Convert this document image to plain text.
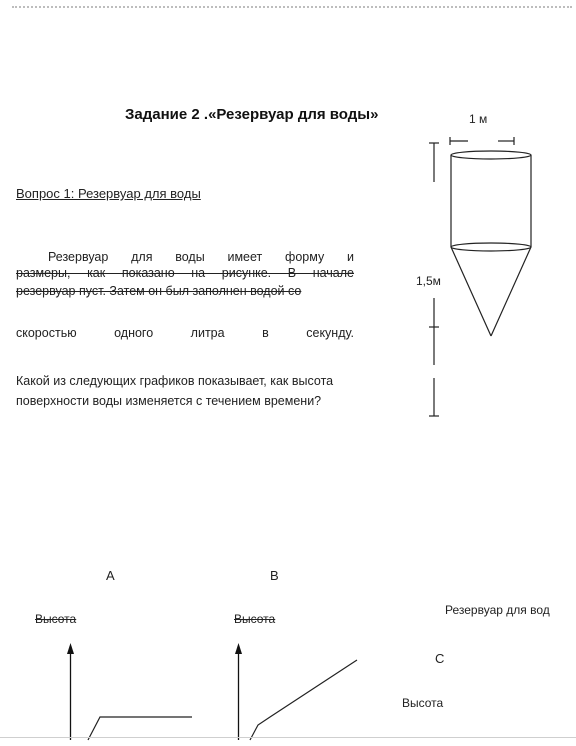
Задание 2 .«Резервуар для воды»
Вопрос 1: Резервуар для воды
Резервуар для воды имеет форму и
размеры, как показано на рисунке. В начале
резервуар пуст. Затем он был заполнен водой со
скоростью	одного	литра	в	секунду.
Какой из следующих графиков показывает, как высота
поверхности воды изменяется с течением времени?
1 м
1,5м
A	B
Высота	Высота
Резервуар для вод
C
Высота
